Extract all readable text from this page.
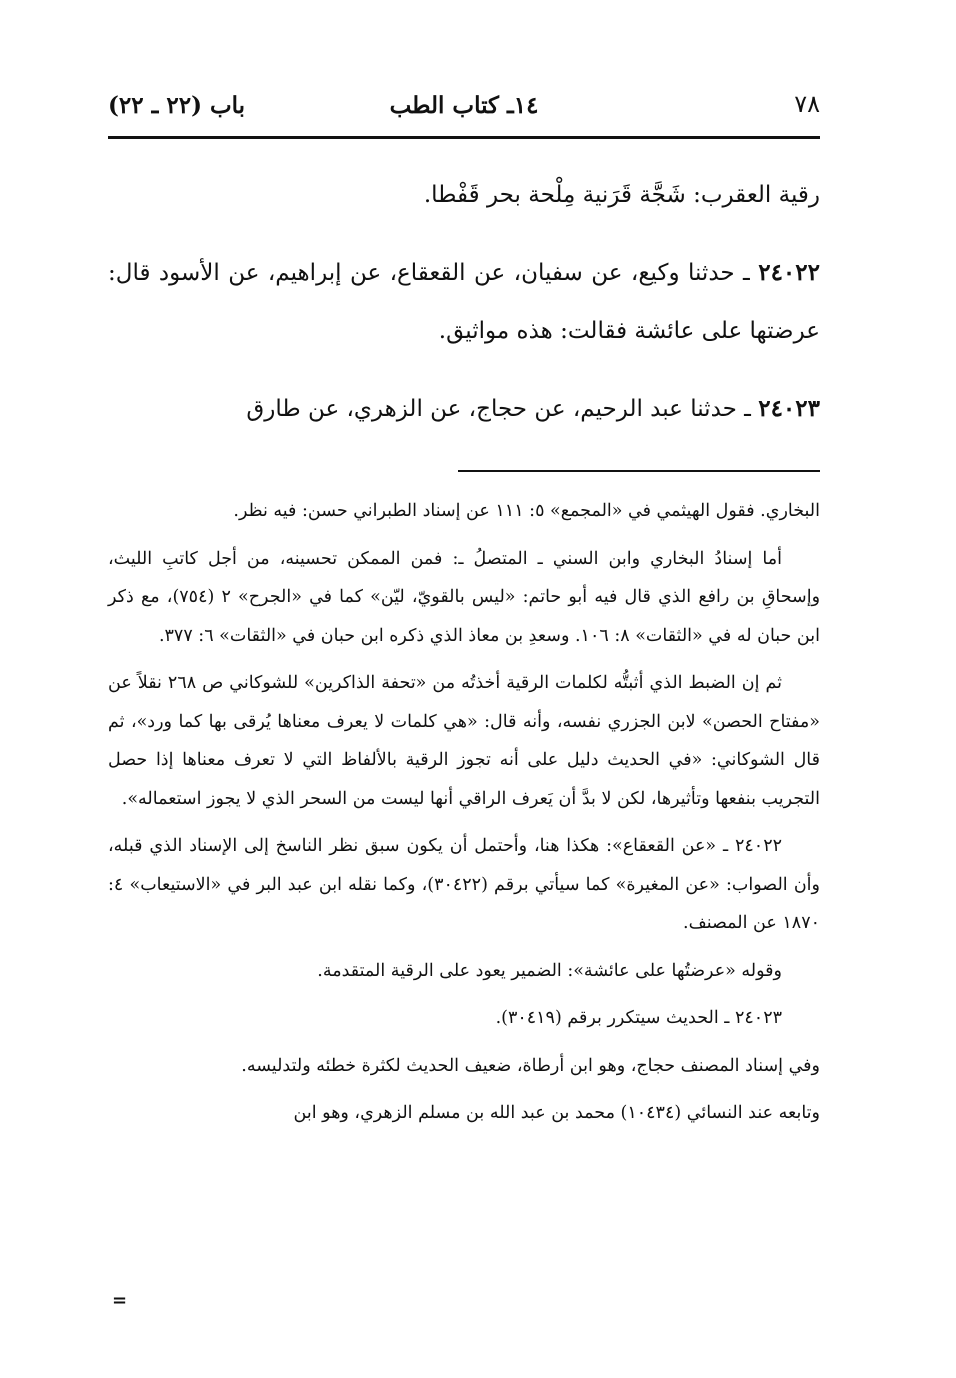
باب (٢٢ ـ ٢٢)	١٤ـ كتاب الطب	٧٨

رقية العقرب: شَجَّة قَرَنية مِلْحة بحر قَفْطا.

٢٤٠٢٢ ـ حدثنا وكيع، عن سفيان، عن القعقاع، عن إبراهيم، عن الأسود قال: عرضتها على عائشة فقالت: هذه مواثيق.

٢٤٠٢٣ ـ حدثنا عبد الرحيم، عن حجاج، عن الزهري، عن طارق

البخاري. فقول الهيثمي في «المجمع» ٥: ١١١ عن إسناد الطبراني حسن: فيه نظر.

أما إسنادُ البخاري وابن السني ـ المتصلُ ـ: فمن الممكن تحسينه، من أجل كاتبِ الليث، وإسحاقِ بن رافع الذي قال فيه أبو حاتم: «ليس بالقويّ، ليّن» كما في «الجرح» ٢ (٧٥٤)، مع ذكر ابن حبان له في «الثقات» ٨: ١٠٦. وسعدِ بن معاذ الذي ذكره ابن حبان في «الثقات» ٦: ٣٧٧.

ثم إن الضبط الذي أثبتُّه لكلمات الرقية أخذتُه من «تحفة الذاكرين» للشوكاني ص ٢٦٨ نقلاً عن «مفتاح الحصن» لابن الجزري نفسه، وأنه قال: «هي كلمات لا يعرف معناها يُرقى بها كما ورد»، ثم قال الشوكاني: «في الحديث دليل على أنه تجوز الرقية بالألفاظ التي لا تعرف معناها إذا حصل التجريب بنفعها وتأثيرها، لكن لا بدَّ أن يَعرف الراقي أنها ليست من السحر الذي لا يجوز استعماله».

٢٤٠٢٢ ـ «عن القعقاع»: هكذا هنا، وأحتمل أن يكون سبق نظر الناسخ إلى الإسناد الذي قبله، وأن الصواب: «عن المغيرة» كما سيأتي برقم (٣٠٤٢٢)، وكما نقله ابن عبد البر في «الاستيعاب» ٤: ١٨٧٠ عن المصنف.

وقوله «عرضتُها على عائشة»: الضمير يعود على الرقية المتقدمة.

٢٤٠٢٣ ـ الحديث سيتكرر برقم (٣٠٤١٩).

وفي إسناد المصنف حجاج، وهو ابن أرطاة، ضعيف الحديث لكثرة خطئه ولتدليسه.

وتابعه عند النسائي (١٠٤٣٤) محمد بن عبد الله بن مسلم الزهري، وهو ابن

=
